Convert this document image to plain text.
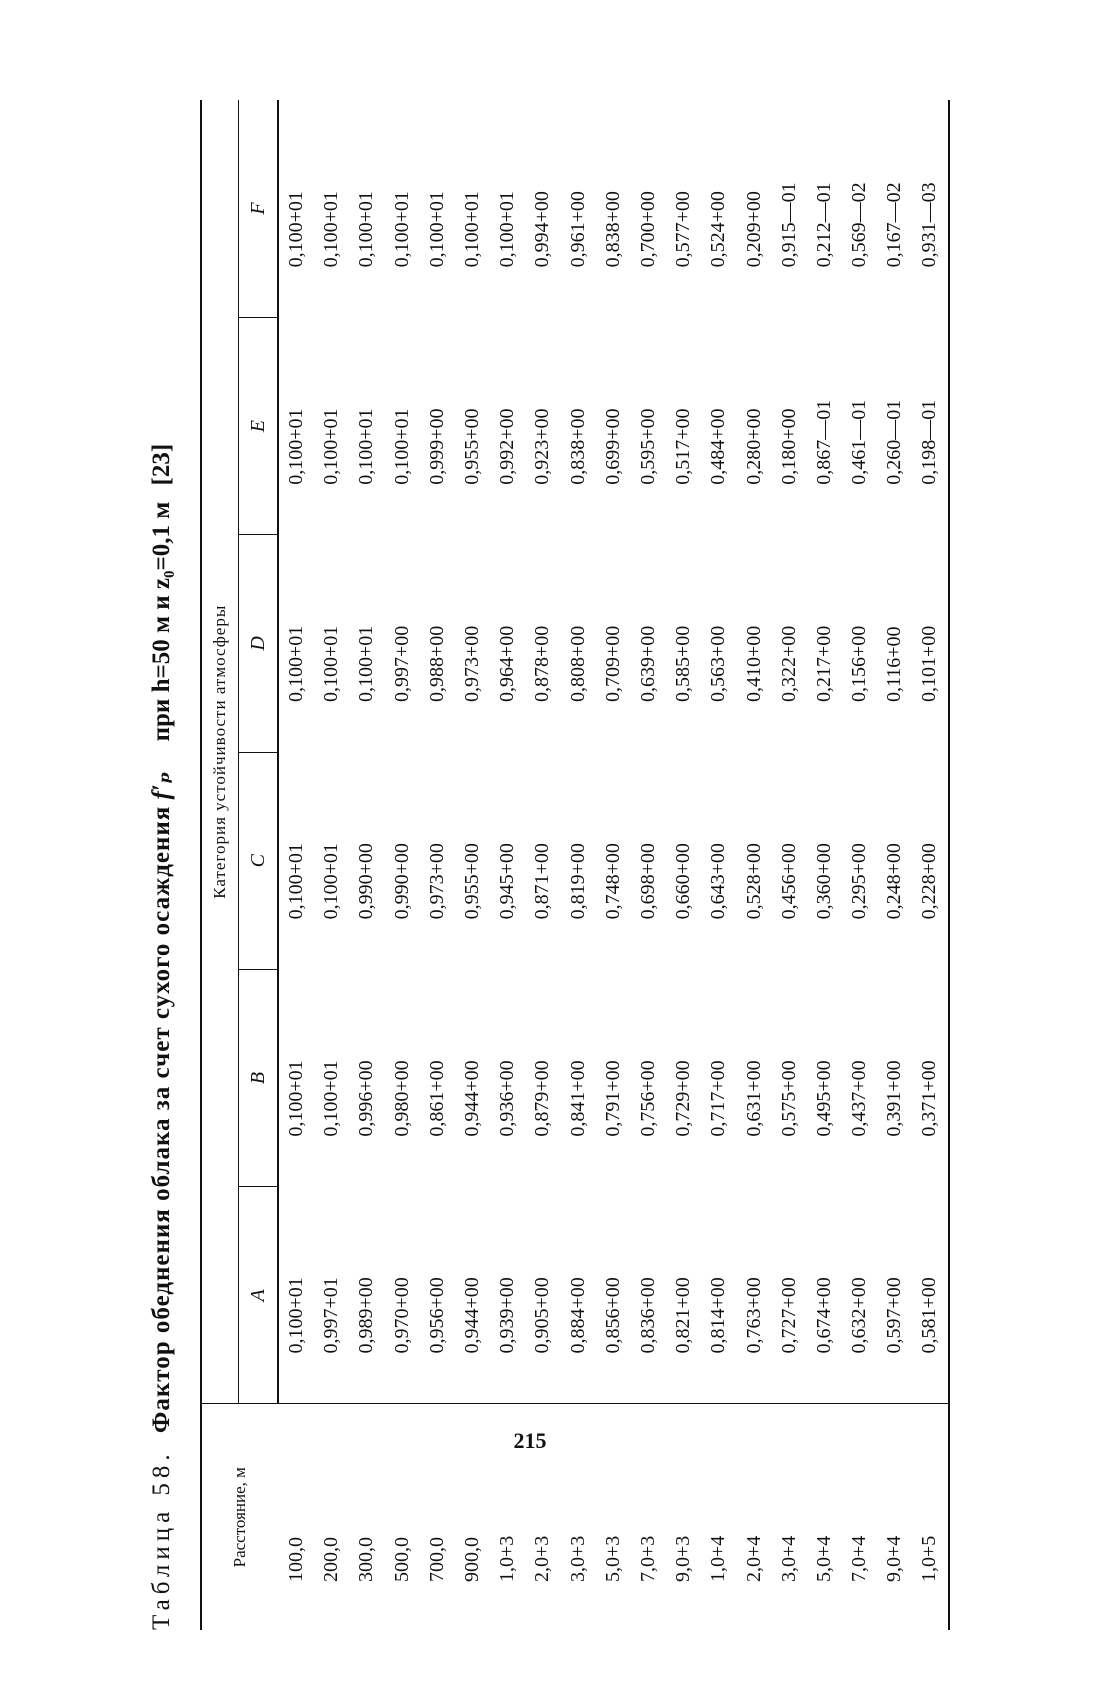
Таблица 58. Фактор обеднения облака за счет сухого осаждения f′ₚ при h=50 м и z₀=0,1 м [23]
Расстояние, м	Категория устойчивости атмосферы					
	A	B	C	D	E	F
100,0	0,100+01	0,100+01	0,100+01	0,100+01	0,100+01	0,100+01
200,0	0,997+01	0,100+01	0,100+01	0,100+01	0,100+01	0,100+01
300,0	0,989+00	0,996+00	0,990+00	0,100+01	0,100+01	0,100+01
500,0	0,970+00	0,980+00	0,990+00	0,997+00	0,100+01	0,100+01
700,0	0,956+00	0,861+00	0,973+00	0,988+00	0,999+00	0,100+01
900,0	0,944+00	0,944+00	0,955+00	0,973+00	0,955+00	0,100+01
1,0+3	0,939+00	0,936+00	0,945+00	0,964+00	0,992+00	0,100+01
2,0+3	0,905+00	0,879+00	0,871+00	0,878+00	0,923+00	0,994+00
3,0+3	0,884+00	0,841+00	0,819+00	0,808+00	0,838+00	0,961+00
5,0+3	0,856+00	0,791+00	0,748+00	0,709+00	0,699+00	0,838+00
7,0+3	0,836+00	0,756+00	0,698+00	0,639+00	0,595+00	0,700+00
9,0+3	0,821+00	0,729+00	0,660+00	0,585+00	0,517+00	0,577+00
1,0+4	0,814+00	0,717+00	0,643+00	0,563+00	0,484+00	0,524+00
2,0+4	0,763+00	0,631+00	0,528+00	0,410+00	0,280+00	0,209+00
3,0+4	0,727+00	0,575+00	0,456+00	0,322+00	0,180+00	0,915—01
5,0+4	0,674+00	0,495+00	0,360+00	0,217+00	0,867—01	0,212—01
7,0+4	0,632+00	0,437+00	0,295+00	0,156+00	0,461—01	0,569—02
9,0+4	0,597+00	0,391+00	0,248+00	0,116+00	0,260—01	0,167—02
1,0+5	0,581+00	0,371+00	0,228+00	0,101+00	0,198—01	0,931—03
215
